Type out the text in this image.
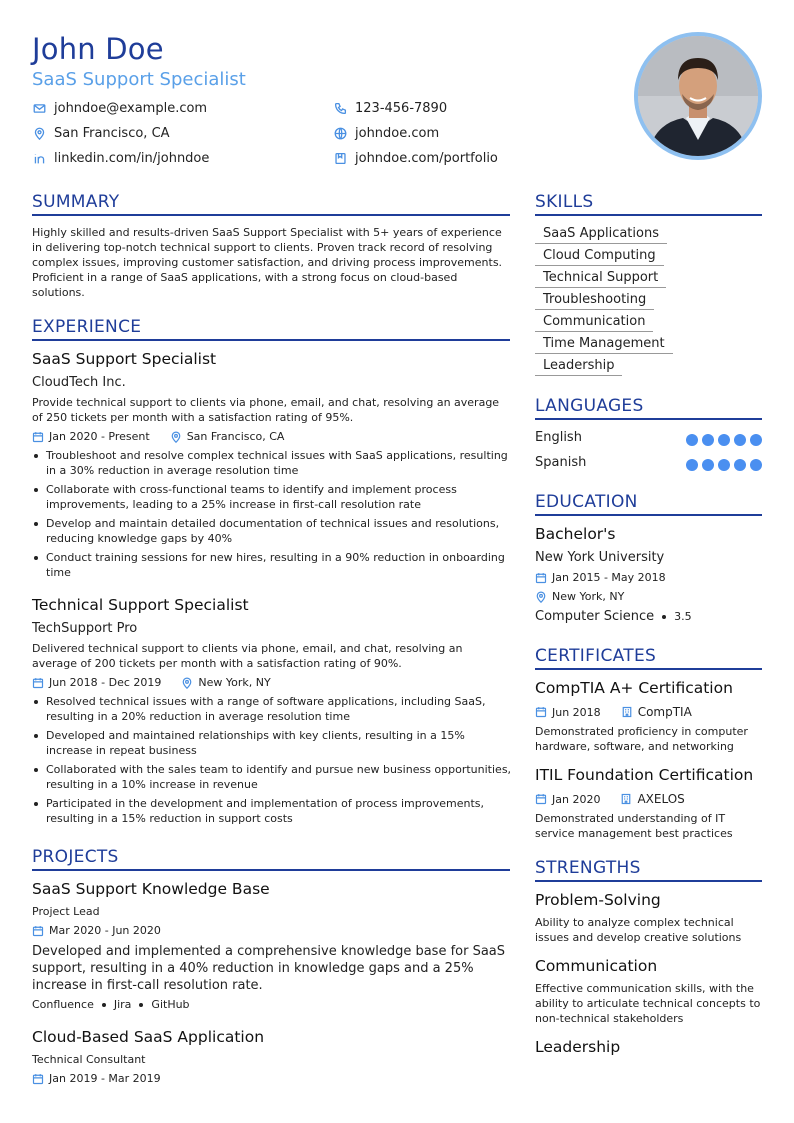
John Doe
SaaS Support Specialist
johndoe@example.com	123-456-7890
San Francisco, CA	johndoe.com
linkedin.com/in/johndoe	johndoe.com/portfolio
SUMMARY
Highly skilled and results-driven SaaS Support Specialist with 5+ years of experience in delivering top-notch technical support to clients. Proven track record of resolving complex issues, improving customer satisfaction, and driving process improvements. Proficient in a range of SaaS applications, with a strong focus on cloud-based solutions.
EXPERIENCE
SaaS Support Specialist
CloudTech Inc.
Provide technical support to clients via phone, email, and chat, resolving an average of 250 tickets per month with a satisfaction rating of 95%.
Jan 2020 - Present	San Francisco, CA
Troubleshoot and resolve complex technical issues with SaaS applications, resulting in a 30% reduction in average resolution time
Collaborate with cross-functional teams to identify and implement process improvements, leading to a 25% increase in first-call resolution rate
Develop and maintain detailed documentation of technical issues and resolutions, reducing knowledge gaps by 40%
Conduct training sessions for new hires, resulting in a 90% reduction in onboarding time
Technical Support Specialist
TechSupport Pro
Delivered technical support to clients via phone, email, and chat, resolving an average of 200 tickets per month with a satisfaction rating of 90%.
Jun 2018 - Dec 2019	New York, NY
Resolved technical issues with a range of software applications, including SaaS, resulting in a 20% reduction in average resolution time
Developed and maintained relationships with key clients, resulting in a 15% increase in repeat business
Collaborated with the sales team to identify and pursue new business opportunities, resulting in a 10% increase in revenue
Participated in the development and implementation of process improvements, resulting in a 15% reduction in support costs
PROJECTS
SaaS Support Knowledge Base
Project Lead
Mar 2020 - Jun 2020
Developed and implemented a comprehensive knowledge base for SaaS support, resulting in a 40% reduction in knowledge gaps and a 25% increase in first-call resolution rate.
Confluence Jira GitHub
Cloud-Based SaaS Application
Technical Consultant
Jan 2019 - Mar 2019
SKILLS
SaaS Applications
Cloud Computing
Technical Support
Troubleshooting
Communication
Time Management
Leadership
LANGUAGES
English
Spanish
EDUCATION
Bachelor's
New York University
Jan 2015 - May 2018
New York, NY
Computer Science 3.5
CERTIFICATES
CompTIA A+ Certification
Jun 2018	CompTIA
Demonstrated proficiency in computer hardware, software, and networking
ITIL Foundation Certification
Jan 2020	AXELOS
Demonstrated understanding of IT service management best practices
STRENGTHS
Problem-Solving
Ability to analyze complex technical issues and develop creative solutions
Communication
Effective communication skills, with the ability to articulate technical concepts to non-technical stakeholders
Leadership
